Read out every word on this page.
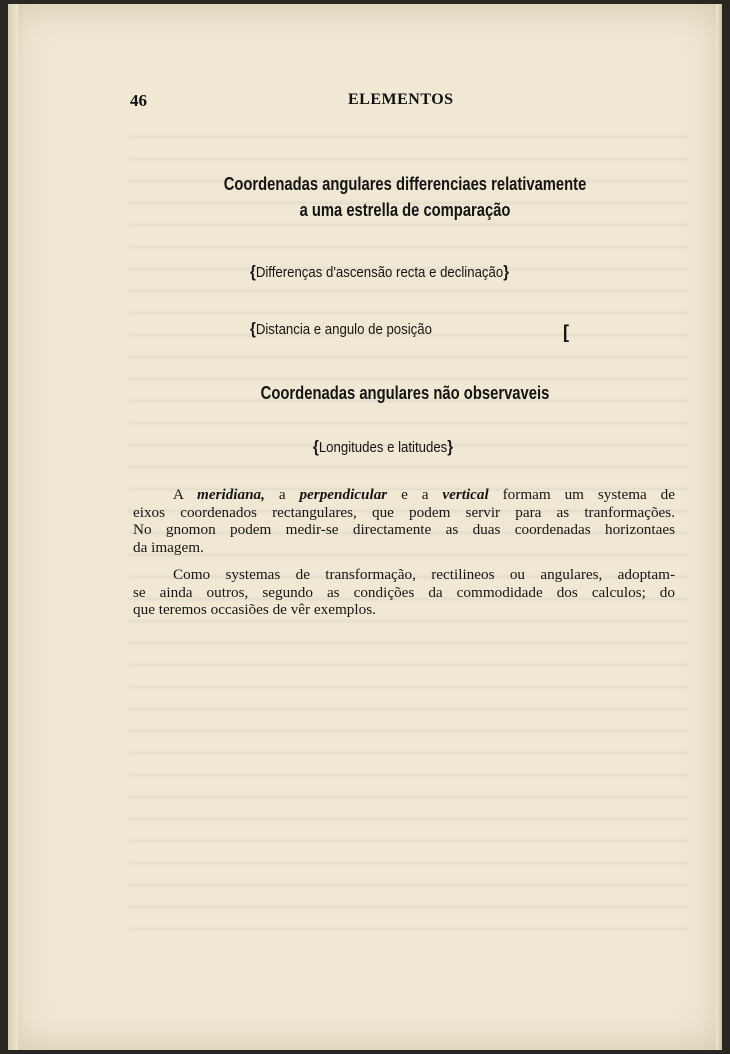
46	ELEMENTOS
Coordenadas angulares differenciaes relativamente
a uma estrella de comparação
{Differenças d'ascensão recta e declinação}
{Distancia e angulo de posição	[
Coordenadas angulares não observaveis
{Longitudes e latitudes}
A meridiana, a perpendicular e a vertical formam um systema de
eixos coordenados rectangulares, que podem servir para as tranformações.
No gnomon podem medir-se directamente as duas coordenadas horizontaes
da imagem.
Como systemas de transformação, rectilineos ou angulares, adoptam-
se ainda outros, segundo as condições da commodidade dos calculos; do
que teremos occasiões de vêr exemplos.
